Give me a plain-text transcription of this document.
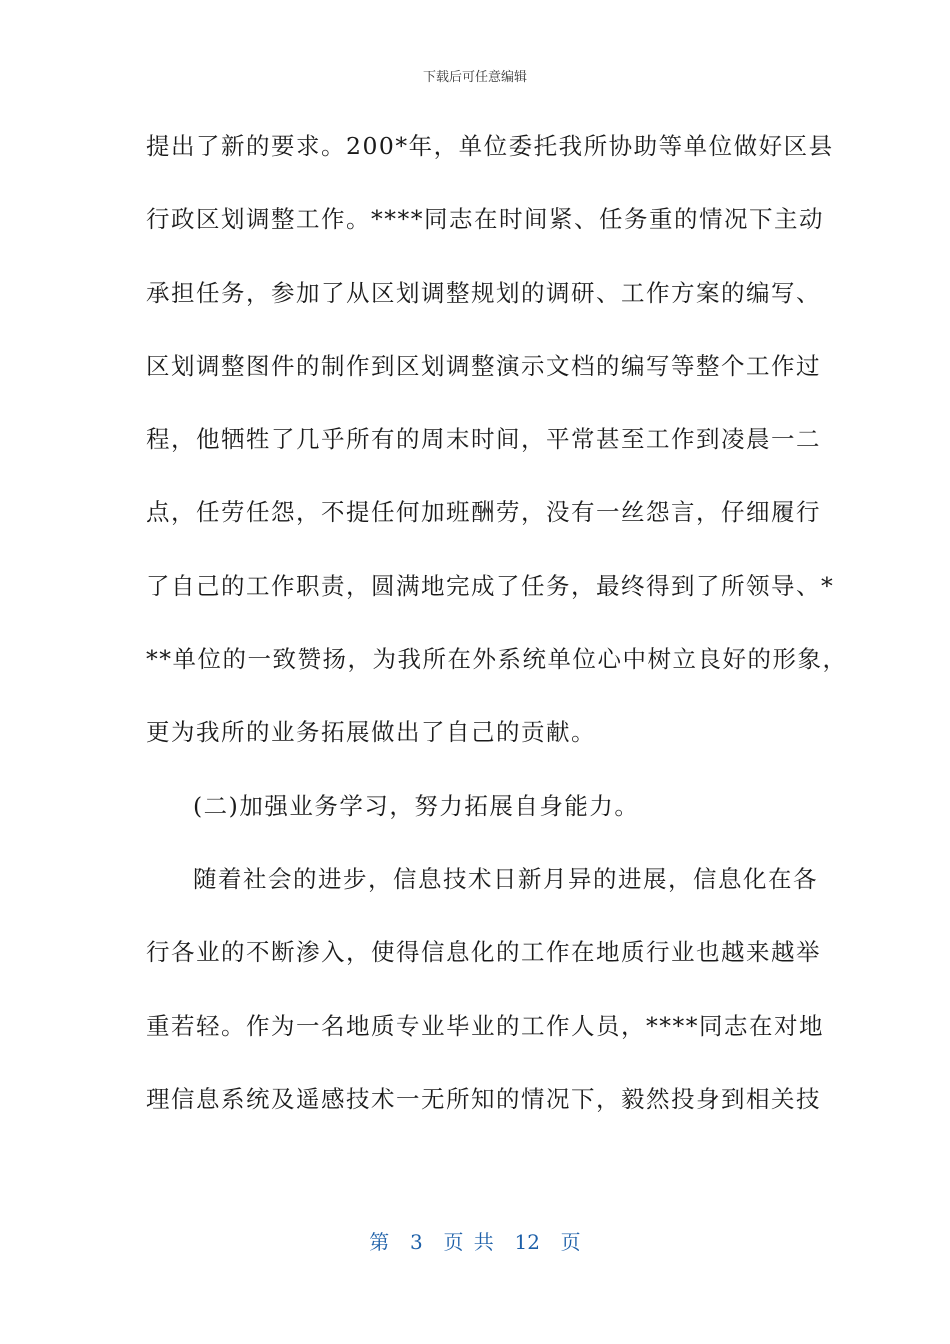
下载后可任意编辑
提出了新的要求。200*年，单位委托我所协助等单位做好区县
行政区划调整工作。****同志在时间紧、任务重的情况下主动
承担任务，参加了从区划调整规划的调研、工作方案的编写、
区划调整图件的制作到区划调整演示文档的编写等整个工作过
程，他牺牲了几乎所有的周末时间，平常甚至工作到凌晨一二
点，任劳任怨，不提任何加班酬劳，没有一丝怨言，仔细履行
了自己的工作职责，圆满地完成了任务，最终得到了所领导、*
**单位的一致赞扬，为我所在外系统单位心中树立良好的形象，
更为我所的业务拓展做出了自己的贡献。
(二)加强业务学习，努力拓展自身能力。
随着社会的进步，信息技术日新月异的进展，信息化在各
行各业的不断渗入，使得信息化的工作在地质行业也越来越举
重若轻。作为一名地质专业毕业的工作人员，****同志在对地
理信息系统及遥感技术一无所知的情况下，毅然投身到相关技
第  3  页 共  12  页
